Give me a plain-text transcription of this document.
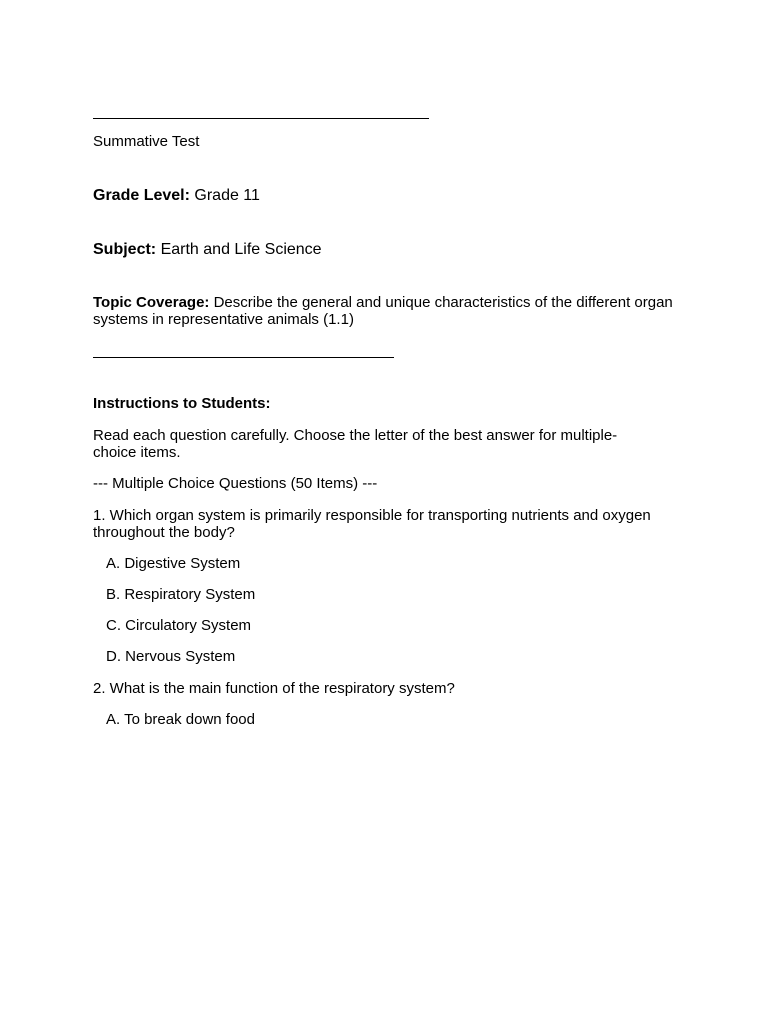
Summative Test
Grade Level: Grade 11
Subject: Earth and Life Science
Topic Coverage: Describe the general and unique characteristics of the different organ systems in representative animals (1.1)
Instructions to Students:
Read each question carefully. Choose the letter of the best answer for multiple-choice items.
--- Multiple Choice Questions (50 Items) ---
1. Which organ system is primarily responsible for transporting nutrients and oxygen throughout the body?
A. Digestive System
B. Respiratory System
C. Circulatory System
D. Nervous System
2. What is the main function of the respiratory system?
A. To break down food
